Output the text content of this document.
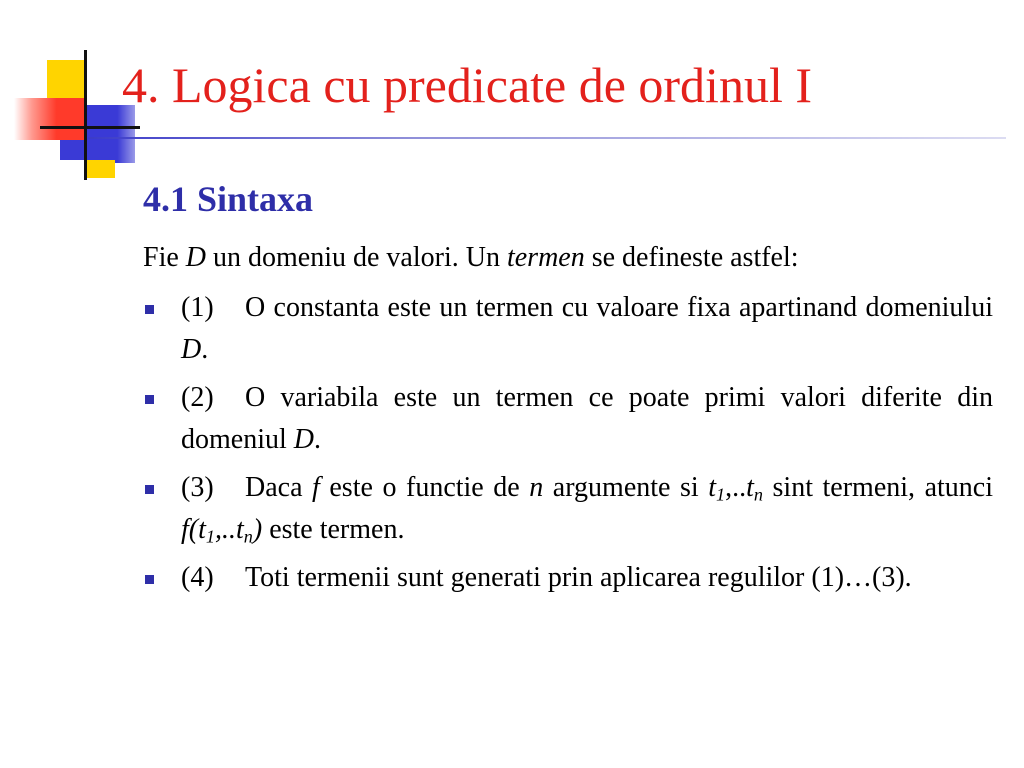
4. Logica cu predicate de ordinul I
4.1 Sintaxa
Fie D un domeniu de valori. Un termen se defineste astfel:
(1) O constanta este un termen cu valoare fixa apartinand domeniului D.
(2) O variabila este un termen ce poate primi valori diferite din domeniul D.
(3) Daca f este o functie de n argumente si $t_1,..t_n$ sint termeni, atunci $f(t_1,..t_n)$ este termen.
(4) Toti termenii sunt generati prin aplicarea regulilor (1)…(3).
